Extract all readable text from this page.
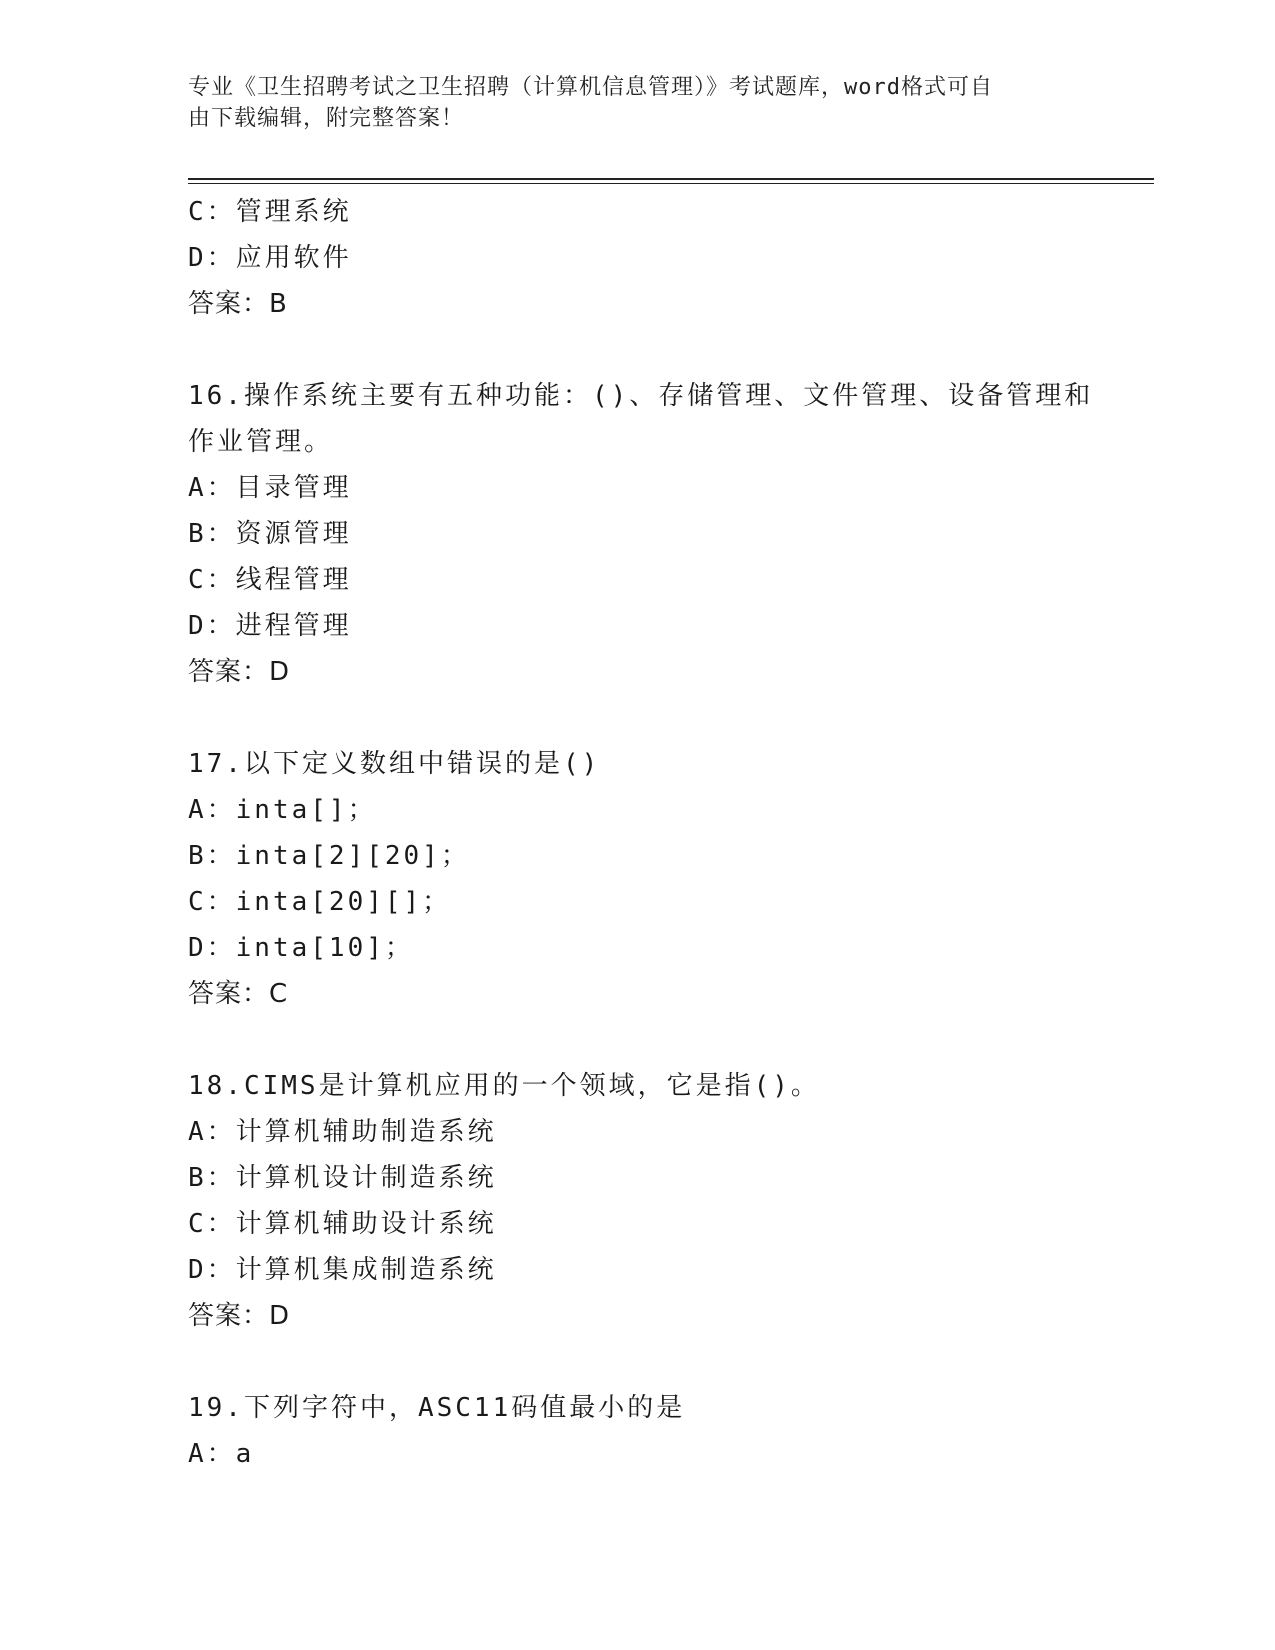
专业《卫生招聘考试之卫生招聘（计算机信息管理）》考试题库，word格式可自
由下载编辑，附完整答案！
C：管理系统
D：应用软件
答案：B
16.操作系统主要有五种功能：()、存储管理、文件管理、设备管理和
作业管理。
A：目录管理
B：资源管理
C：线程管理
D：进程管理
答案：D
17.以下定义数组中错误的是()
A：inta[]；
B：inta[2][20]；
C：inta[20][]；
D：inta[10]；
答案：C
18.CIMS是计算机应用的一个领域，它是指()。
A：计算机辅助制造系统
B：计算机设计制造系统
C：计算机辅助设计系统
D：计算机集成制造系统
答案：D
19.下列字符中，ASC11码值最小的是
A：a
